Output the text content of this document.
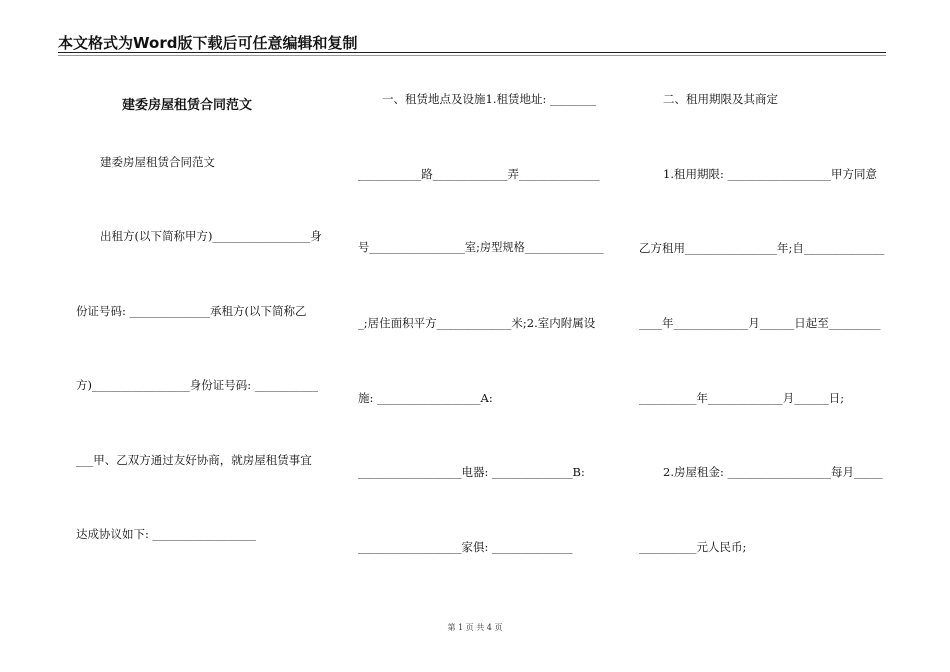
本文格式为Word版下载后可任意编辑和复制
建委房屋租赁合同范文
建委房屋租赁合同范文
出租方(以下简称甲方)_________________身
份证号码: ______________承租方(以下简称乙
方)_________________身份证号码: ___________
___甲、乙双方通过友好协商，就房屋租赁事宜
达成协议如下: __________________
一、租赁地点及设施1.租赁地址: ________
___________路_____________弄______________
号_________________室;房型规格______________
_;居住面积平方_____________米;2.室内附属设
施: __________________A:
__________________电器: ______________B:
__________________家俱: ______________
二、租用期限及其商定
1.租用期限: __________________甲方同意
乙方租用________________年;自______________
____年_____________月______日起至_________
__________年_____________月______日;
2.房屋租金: __________________每月_____
__________元人民币;
第 1 页 共 4 页
